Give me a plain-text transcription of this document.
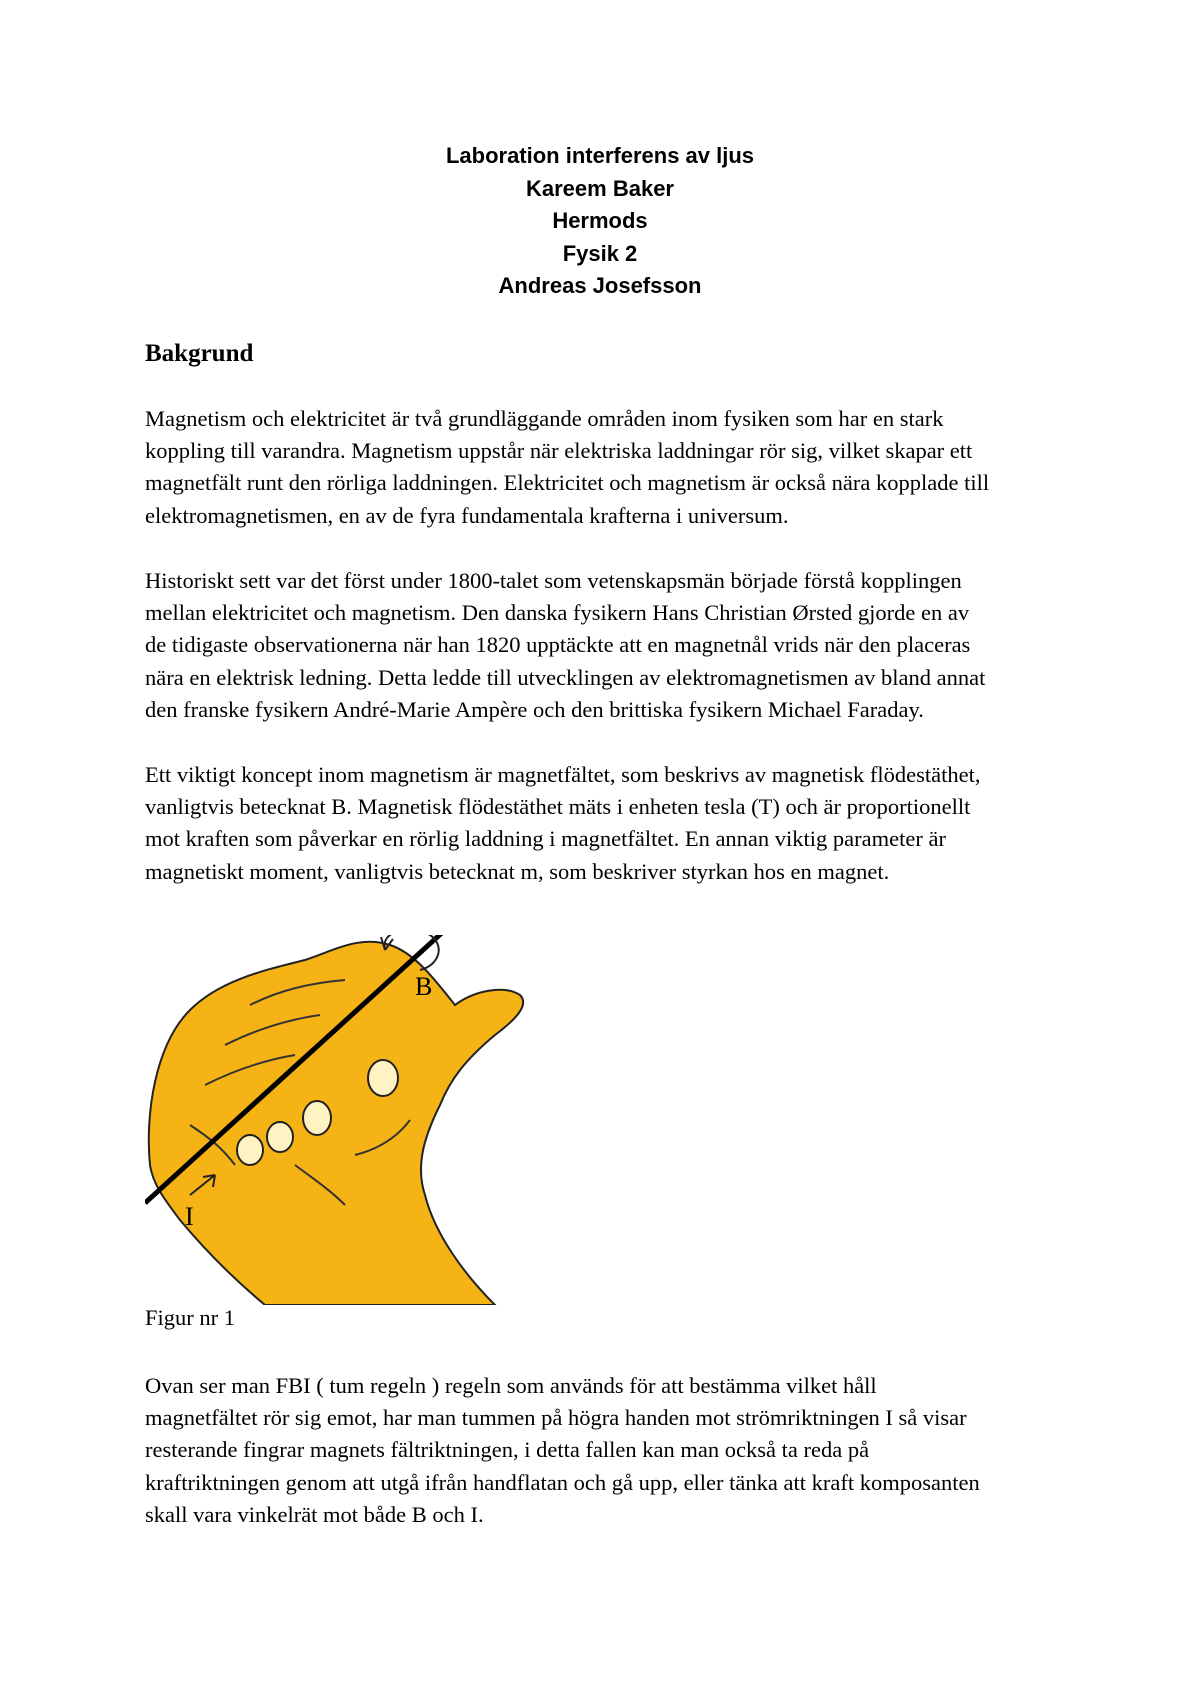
Laboration interferens av ljus
Kareem Baker
Hermods
Fysik 2
Andreas Josefsson
Bakgrund

Magnetism och elektricitet är två grundläggande områden inom fysiken som har en stark
koppling till varandra. Magnetism uppstår när elektriska laddningar rör sig, vilket skapar ett
magnetfält runt den rörliga laddningen. Elektricitet och magnetism är också nära kopplade till
elektromagnetismen, en av de fyra fundamentala krafterna i universum.

Historiskt sett var det först under 1800-talet som vetenskapsmän började förstå kopplingen
mellan elektricitet och magnetism. Den danska fysikern Hans Christian Ørsted gjorde en av
de tidigaste observationerna när han 1820 upptäckte att en magnetnål vrids när den placeras
nära en elektrisk ledning. Detta ledde till utvecklingen av elektromagnetismen av bland annat
den franske fysikern André-Marie Ampère och den brittiska fysikern Michael Faraday.

Ett viktigt koncept inom magnetism är magnetfältet, som beskrivs av magnetisk flödestäthet,
vanligtvis betecknat B. Magnetisk flödestäthet mäts i enheten tesla (T) och är proportionellt
mot kraften som påverkar en rörlig laddning i magnetfältet. En annan viktig parameter är
magnetiskt moment, vanligtvis betecknat m, som beskriver styrkan hos en magnet.

I
B
Figur nr 1

Ovan ser man FBI ( tum regeln ) regeln som används för att bestämma vilket håll
magnetfältet rör sig emot, har man tummen på högra handen mot strömriktningen I så visar
resterande fingrar magnets fältriktningen, i detta fallen kan man också ta reda på
kraftriktningen genom att utgå ifrån handflatan och gå upp, eller tänka att kraft komposanten
skall vara vinkelrät mot både B och I.
